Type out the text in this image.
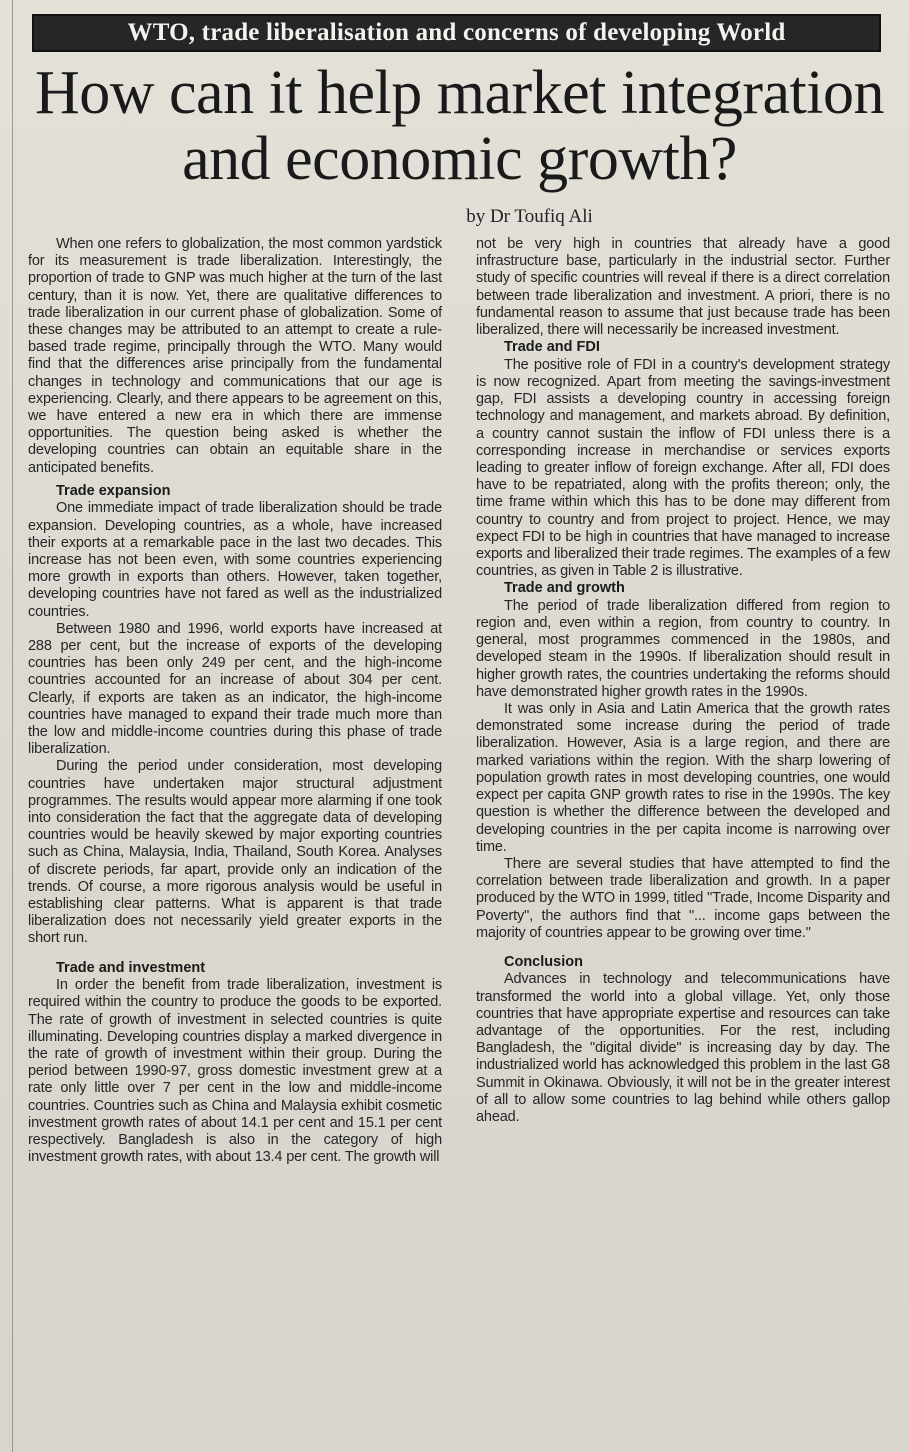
WTO, trade liberalisation and concerns of developing World
How can it help market integration
and economic growth?
by Dr Toufiq Ali

When one refers to globalization, the most common yardstick for its measurement is trade liberalization. Interestingly, the proportion of trade to GNP was much higher at the turn of the last century, than it is now. Yet, there are qualitative differences to trade liberalization in our current phase of globalization. Some of these changes may be attributed to an attempt to create a rule-based trade regime, principally through the WTO. Many would find that the differences arise principally from the fundamental changes in technology and communications that our age is experiencing. Clearly, and there appears to be agreement on this, we have entered a new era in which there are immense opportunities. The question being asked is whether the developing countries can obtain an equitable share in the anticipated benefits.

Trade expansion

One immediate impact of trade liberalization should be trade expansion. Developing countries, as a whole, have increased their exports at a remarkable pace in the last two decades. This increase has not been even, with some countries experiencing more growth in exports than others. However, taken together, developing countries have not fared as well as the industrialized countries.

Between 1980 and 1996, world exports have increased at 288 per cent, but the increase of exports of the developing countries has been only 249 per cent, and the high-income countries accounted for an increase of about 304 per cent. Clearly, if exports are taken as an indicator, the high-income countries have managed to expand their trade much more than the low and middle-income countries during this phase of trade liberalization.

During the period under consideration, most developing countries have undertaken major structural adjustment programmes. The results would appear more alarming if one took into consideration the fact that the aggregate data of developing countries would be heavily skewed by major exporting countries such as China, Malaysia, India, Thailand, South Korea. Analyses of discrete periods, far apart, provide only an indication of the trends. Of course, a more rigorous analysis would be useful in establishing clear patterns. What is apparent is that trade liberalization does not necessarily yield greater exports in the short run.

Trade and investment

In order the benefit from trade liberalization, investment is required within the country to produce the goods to be exported. The rate of growth of investment in selected countries is quite illuminating. Developing countries display a marked divergence in the rate of growth of investment within their group. During the period between 1990-97, gross domestic investment grew at a rate only little over 7 per cent in the low and middle-income countries. Countries such as China and Malaysia exhibit cosmetic investment growth rates of about 14.1 per cent and 15.1 per cent respectively. Bangladesh is also in the category of high investment growth rates, with about 13.4 per cent. The growth will

not be very high in countries that already have a good infrastructure base, particularly in the industrial sector. Further study of specific countries will reveal if there is a direct correlation between trade liberalization and investment. A priori, there is no fundamental reason to assume that just because trade has been liberalized, there will necessarily be increased investment.

Trade and FDI

The positive role of FDI in a country's development strategy is now recognized. Apart from meeting the savings-investment gap, FDI assists a developing country in accessing foreign technology and management, and markets abroad. By definition, a country cannot sustain the inflow of FDI unless there is a corresponding increase in merchandise or services exports leading to greater inflow of foreign exchange. After all, FDI does have to be repatriated, along with the profits thereon; only, the time frame within which this has to be done may different from country to country and from project to project. Hence, we may expect FDI to be high in countries that have managed to increase exports and liberalized their trade regimes. The examples of a few countries, as given in Table 2 is illustrative.

Trade and growth

The period of trade liberalization differed from region to region and, even within a region, from country to country. In general, most programmes commenced in the 1980s, and developed steam in the 1990s. If liberalization should result in higher growth rates, the countries undertaking the reforms should have demonstrated higher growth rates in the 1990s.

It was only in Asia and Latin America that the growth rates demonstrated some increase during the period of trade liberalization. However, Asia is a large region, and there are marked variations within the region. With the sharp lowering of population growth rates in most developing countries, one would expect per capita GNP growth rates to rise in the 1990s. The key question is whether the difference between the developed and developing countries in the per capita income is narrowing over time.

There are several studies that have attempted to find the correlation between trade liberalization and growth. In a paper produced by the WTO in 1999, titled "Trade, Income Disparity and Poverty", the authors find that "... income gaps between the majority of countries appear to be growing over time."

Conclusion

Advances in technology and telecommunications have transformed the world into a global village. Yet, only those countries that have appropriate expertise and resources can take advantage of the opportunities. For the rest, including Bangladesh, the "digital divide" is increasing day by day. The industrialized world has acknowledged this problem in the last G8 Summit in Okinawa. Obviously, it will not be in the greater interest of all to allow some countries to lag behind while others gallop ahead.
